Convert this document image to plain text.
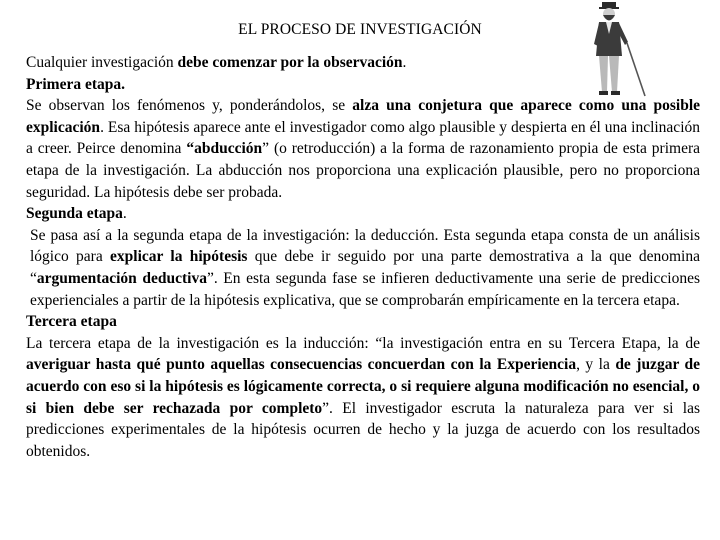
EL PROCESO DE INVESTIGACIÓN

Cualquier investigación debe comenzar por la observación.

Primera etapa.

Se observan los fenómenos y, ponderándolos, se alza una conjetura que aparece como una posible explicación. Esa hipótesis aparece ante el investigador como algo plausible y despierta en él una inclinación a creer. Peirce denomina “abducción” (o retroducción) a la forma de razonamiento propia de esta primera etapa de la investigación. La abducción nos proporciona una explicación plausible, pero no proporciona seguridad. La hipótesis debe ser probada.

Segunda etapa.

Se pasa así a la segunda etapa de la investigación: la deducción. Esta segunda etapa consta de un análisis lógico para explicar la hipótesis que debe ir seguido por una parte demostrativa a la que denomina “argumentación deductiva”. En esta segunda fase se infieren deductivamente una serie de predicciones experienciales a partir de la hipótesis explicativa, que se comprobarán empíricamente en la tercera etapa.

Tercera etapa

La tercera etapa de la investigación es la inducción: “la investigación entra en su Tercera Etapa, la de averiguar hasta qué punto aquellas consecuencias concuerdan con la Experiencia, y la de juzgar de acuerdo con eso si la hipótesis es lógicamente correcta, o si requiere alguna modificación no esencial, o si bien debe ser rechazada por completo”. El investigador escruta la naturaleza para ver si las predicciones experimentales de la hipótesis ocurren de hecho y la juzga de acuerdo con los resultados obtenidos.
